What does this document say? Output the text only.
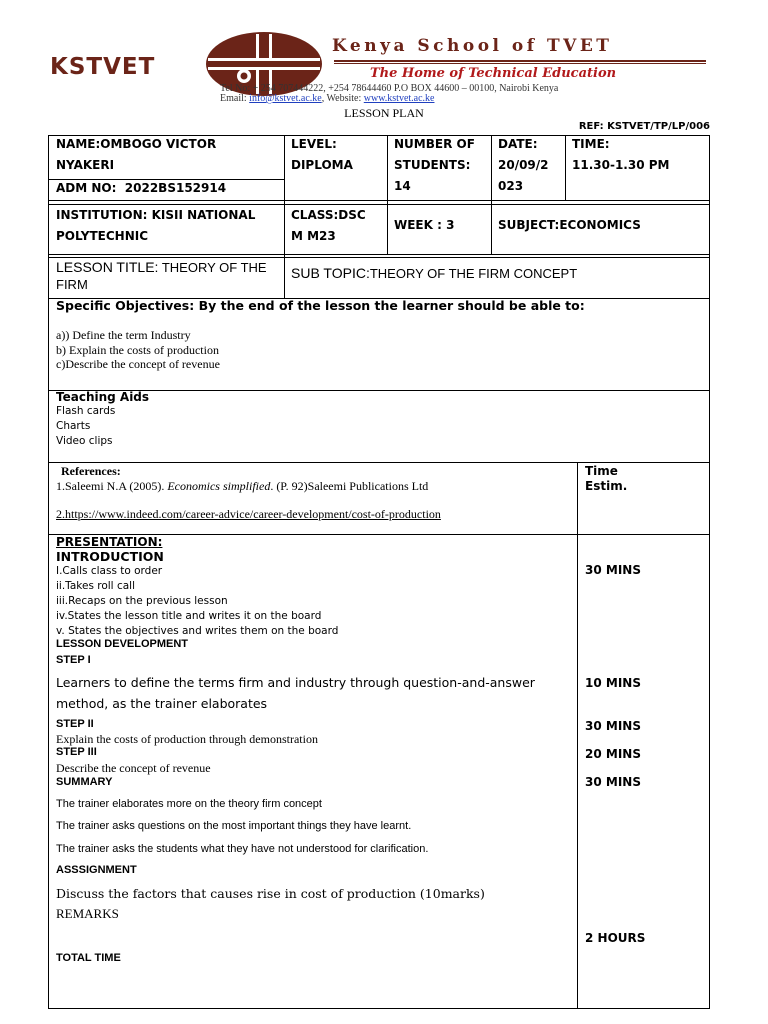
KSTVET
Kenya School of TVET
The Home of Technical Education
Tel No: + 254 707444222, +254 78644460 P.O BOX 44600 – 00100, Nairobi Kenya
Email: info@kstvet.ac.ke, Website: www.kstvet.ac.ke
LESSON PLAN
REF: KSTVET/TP/LP/006
NAME:OMBOGO VICTOR
NYAKERI
ADM NO: 2022BS152914
LEVEL:
DIPLOMA
NUMBER OF
STUDENTS:
14
DATE:
20/09/2
023
TIME:
11.30-1.30 PM
INSTITUTION: KISII NATIONAL
POLYTECHNIC
CLASS:DSC
M M23
WEEK : 3	SUBJECT:ECONOMICS
LESSON TITLE: THEORY OF THE
FIRM
SUB TOPIC:THEORY OF THE FIRM CONCEPT
Specific Objectives: By the end of the lesson the learner should be able to:
a)) Define the term Industry
b) Explain the costs of production
c)Describe the concept of revenue
Teaching Aids
Flash cards
Charts
Video clips
References:
1.Saleemi N.A (2005). Economics simplified. (P. 92)Saleemi Publications Ltd
2.https://www.indeed.com/career-advice/career-development/cost-of-production
Time
Estim.
PRESENTATION:
INTRODUCTION
I.Calls class to order
ii.Takes roll call
iii.Recaps on the previous lesson
iv.States the lesson title and writes it on the board
v. States the objectives and writes them on the board
LESSON DEVELOPMENT
STEP I
Learners to define the terms firm and industry through question-and-answer
method, as the trainer elaborates
STEP II
Explain the costs of production through demonstration
STEP III
Describe the concept of revenue
SUMMARY
The trainer elaborates more on the theory firm concept
The trainer asks questions on the most important things they have learnt.
The trainer asks the students what they have not understood for clarification.
ASSSIGNMENT
Discuss the factors that causes rise in cost of production (10marks)
REMARKS
TOTAL TIME
30 MINS
10 MINS
30 MINS
20 MINS
30 MINS
2 HOURS
